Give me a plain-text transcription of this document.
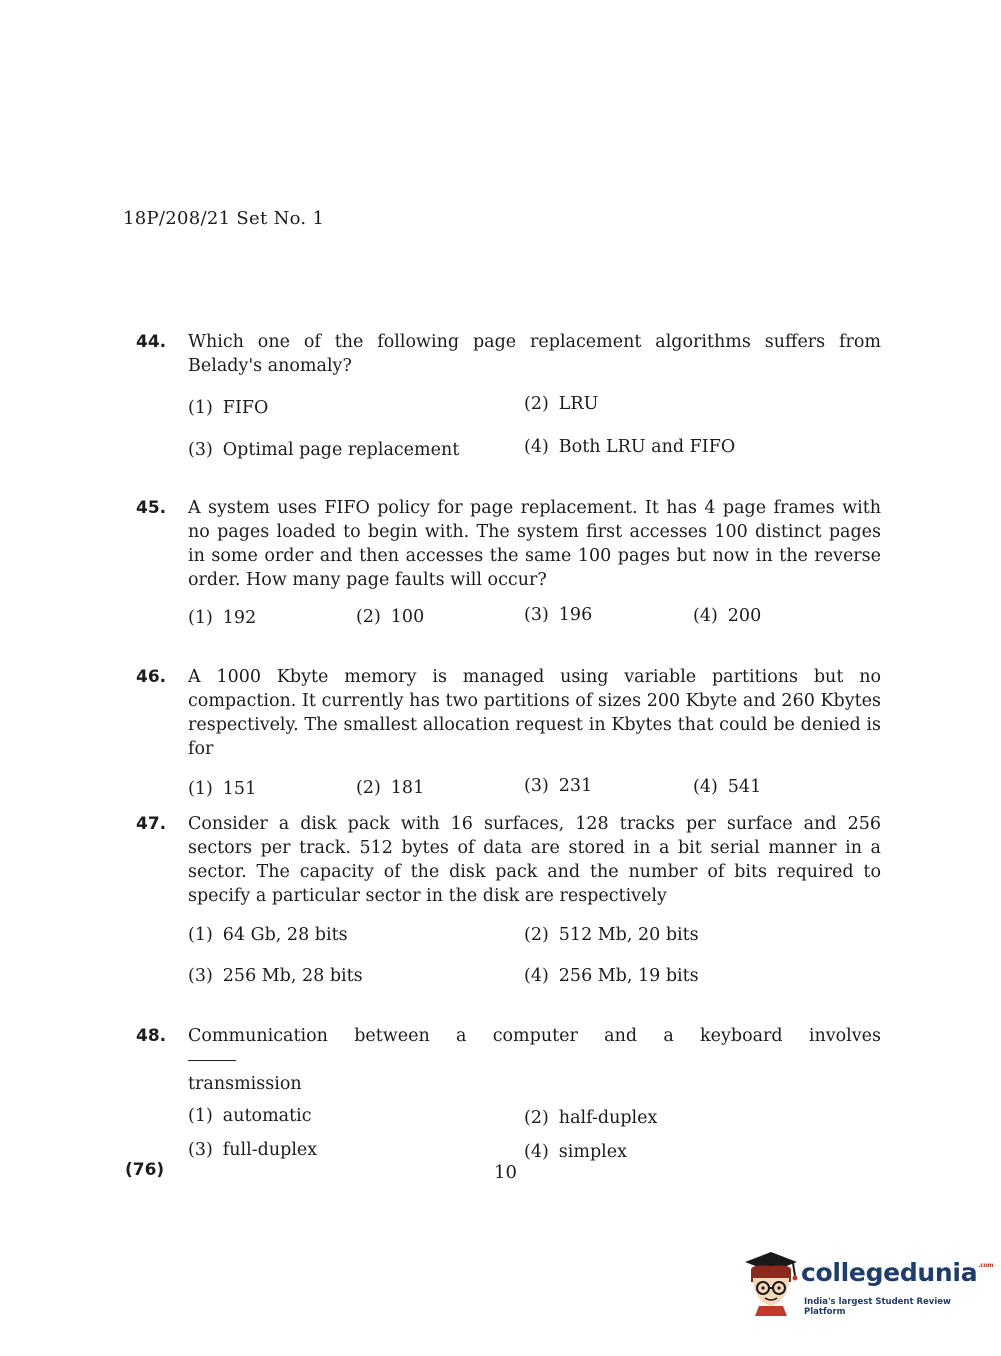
18P/208/21 Set No. 1
44. Which one of the following page replacement algorithms suffers from Belady's anomaly?
(1) FIFO	(2) LRU
(3) Optimal page replacement	(4) Both LRU and FIFO
45. A system uses FIFO policy for page replacement. It has 4 page frames with no pages loaded to begin with. The system first accesses 100 distinct pages in some order and then accesses the same 100 pages but now in the reverse order. How many page faults will occur?
(1) 192	(2) 100	(3) 196	(4) 200
46. A 1000 Kbyte memory is managed using variable partitions but no compaction. It currently has two partitions of sizes 200 Kbyte and 260 Kbytes respectively. The smallest allocation request in Kbytes that could be denied is for
(1) 151	(2) 181	(3) 231	(4) 541
47. Consider a disk pack with 16 surfaces, 128 tracks per surface and 256 sectors per track. 512 bytes of data are stored in a bit serial manner in a sector. The capacity of the disk pack and the number of bits required to specify a particular sector in the disk are respectively
(1) 64 Gb, 28 bits	(2) 512 Mb, 20 bits
(3) 256 Mb, 28 bits	(4) 256 Mb, 19 bits
48. Communication between a computer and a keyboard involves
transmission
(1) automatic	(2) half-duplex
(3) full-duplex	(4) simplex
(76)	10
collegedunia$^{.com}$
India's largest Student Review Platform
